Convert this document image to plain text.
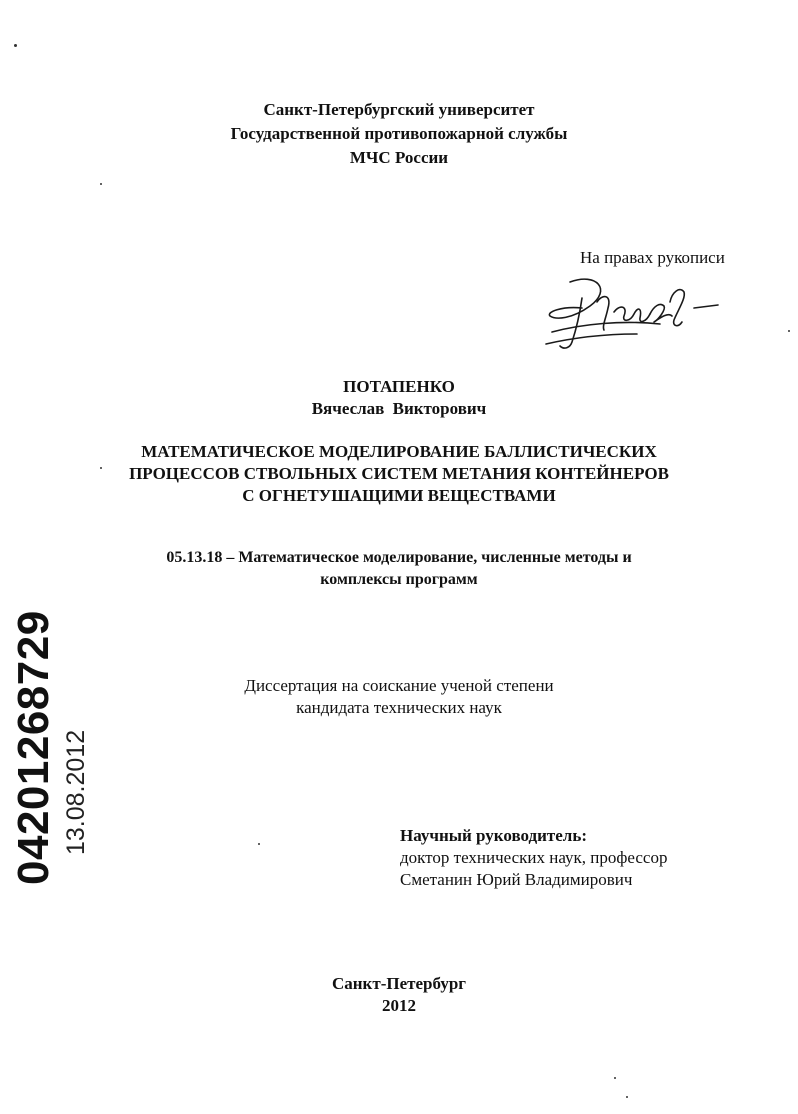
Санкт-Петербургский университет
Государственной противопожарной службы
МЧС России
На правах рукописи
ПОТАПЕНКО
Вячеслав Викторович
МАТЕМАТИЧЕСКОЕ МОДЕЛИРОВАНИЕ БАЛЛИСТИЧЕСКИХ
ПРОЦЕССОВ СТВОЛЬНЫХ СИСТЕМ МЕТАНИЯ КОНТЕЙНЕРОВ
С ОГНЕТУШАЩИМИ ВЕЩЕСТВАМИ
05.13.18 – Математическое моделирование, численные методы и
комплексы программ
Диссертация на соискание ученой степени
кандидата технических наук
Научный руководитель:
доктор технических наук, профессор
Сметанин Юрий Владимирович
Санкт-Петербург
2012
04201268729 13.08.2012
